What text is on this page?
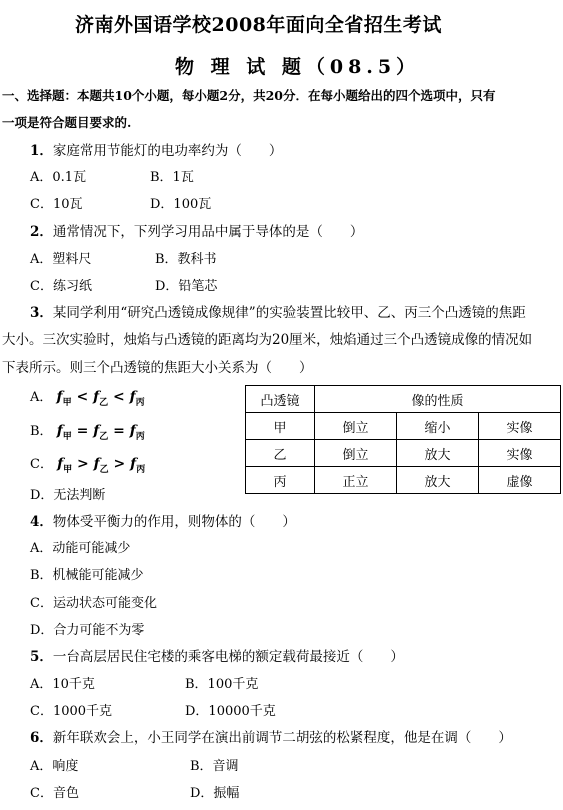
济南外国语学校2008年面向全省招生考试
物 理 试 题（08.5）
一、选择题：本题共10个小题，每小题2分，共20分．在每小题给出的四个选项中，只有
一项是符合题目要求的.
1．家庭常用节能灯的电功率约为（　　）
A．0.1瓦	B．1瓦
C．10瓦	D．100瓦
2．通常情况下，下列学习用品中属于导体的是（　　）
A．塑料尺	B．教科书
C．练习纸	D．铅笔芯
3．某同学利用“研究凸透镜成像规律”的实验装置比较甲、乙、丙三个凸透镜的焦距
大小。三次实验时，烛焰与凸透镜的距离均为20厘米，烛焰通过三个凸透镜成像的情况如
下表所示。则三个凸透镜的焦距大小关系为（　　）
A． $f_甲 < f_乙 < f_丙$
B． $f_甲 = f_乙 = f_丙$
C． $f_甲 > f_乙 > f_丙$
D．无法判断
凸透镜	像的性质		
甲	倒立	缩小	实像
乙	倒立	放大	实像
丙	正立	放大	虚像
4．物体受平衡力的作用，则物体的（　　）
A．动能可能减少
B．机械能可能减少
C．运动状态可能变化
D．合力可能不为零
5．一台高层居民住宅楼的乘客电梯的额定载荷最接近（　　）
A．10千克	B．100千克
C．1000千克	D．10000千克
6．新年联欢会上，小王同学在演出前调节二胡弦的松紧程度，他是在调（　　）
A．响度	B．音调
C．音色	D．振幅
